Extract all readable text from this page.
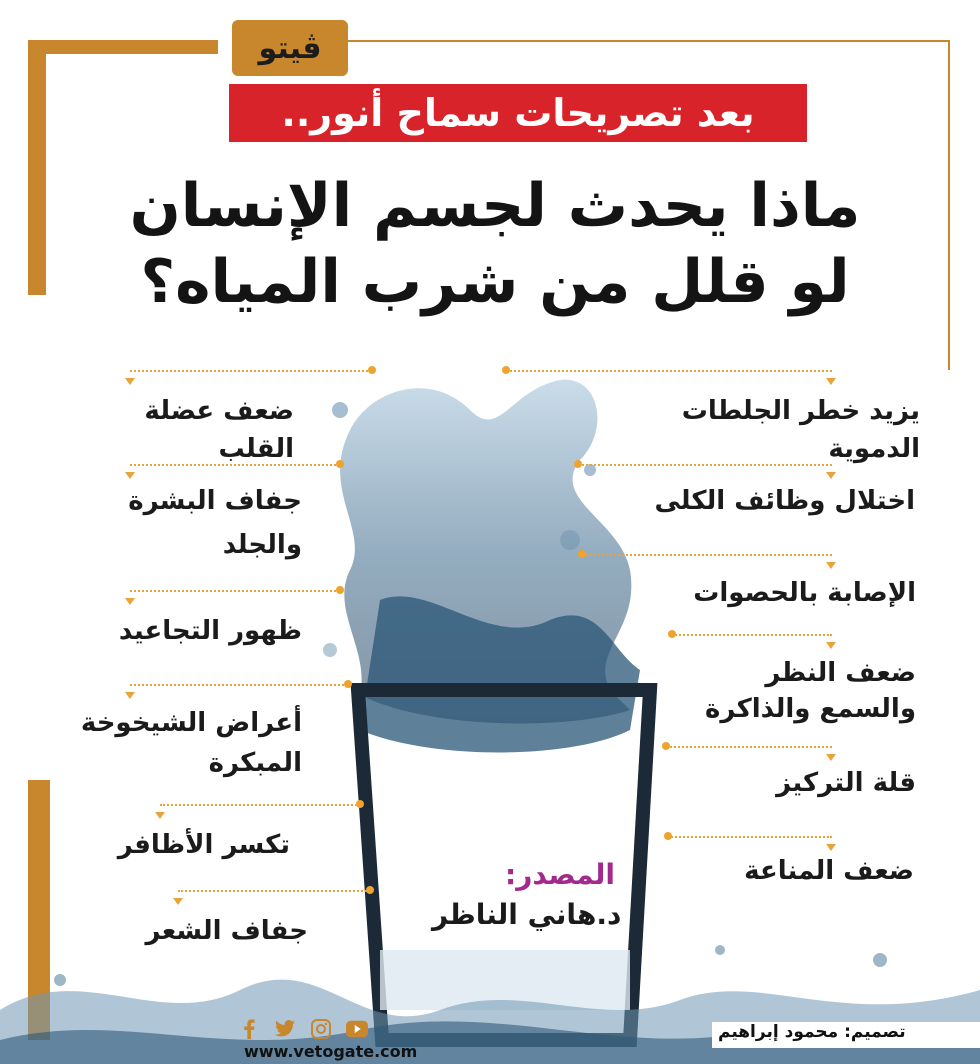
ڤيتو
بعد تصريحات سماح أنور..
ماذا يحدث لجسم الإنسان
لو قلل من شرب المياه؟
يزيد خطر الجلطات الدموية
اختلال وظائف الكلى
الإصابة بالحصوات
ضعف النظر
والسمع والذاكرة
قلة التركيز
ضعف المناعة
ضعف عضلة القلب
جفاف البشرة
والجلد
ظهور التجاعيد
أعراض الشيخوخة
المبكرة
تكسر الأظافر
جفاف الشعر
المصدر:
د.هاني الناظر
www.vetogate.com
تصميم: محمود إبراهيم
